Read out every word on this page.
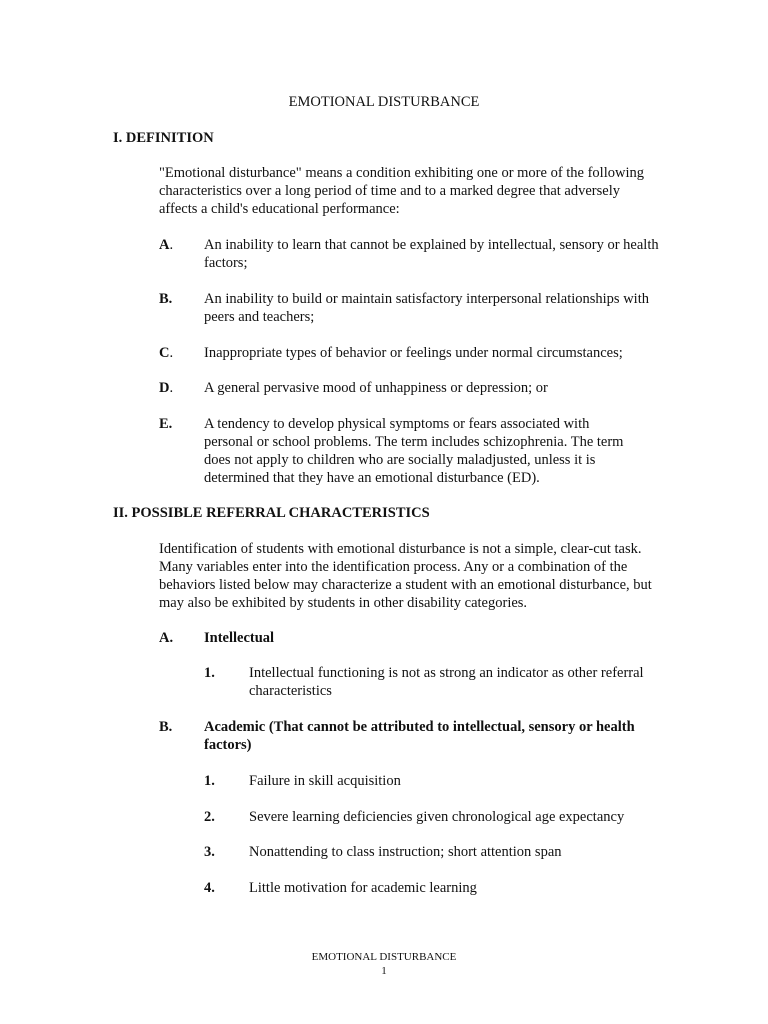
EMOTIONAL DISTURBANCE
I. DEFINITION
"Emotional disturbance" means a condition exhibiting one or more of the following characteristics over a long period of time and to a marked degree that adversely affects a child's educational performance:
A. An inability to learn that cannot be explained by intellectual, sensory or health factors;
B. An inability to build or maintain satisfactory interpersonal relationships with peers and teachers;
C. Inappropriate types of behavior or feelings under normal circumstances;
D. A general pervasive mood of unhappiness or depression; or
E. A tendency to develop physical symptoms or fears associated with personal or school problems. The term includes schizophrenia. The term does not apply to children who are socially maladjusted, unless it is determined that they have an emotional disturbance (ED).
II. POSSIBLE REFERRAL CHARACTERISTICS
Identification of students with emotional disturbance is not a simple, clear-cut task. Many variables enter into the identification process. Any or a combination of the behaviors listed below may characterize a student with an emotional disturbance, but may also be exhibited by students in other disability categories.
A. Intellectual
1. Intellectual functioning is not as strong an indicator as other referral characteristics
B. Academic (That cannot be attributed to intellectual, sensory or health factors)
1. Failure in skill acquisition
2. Severe learning deficiencies given chronological age expectancy
3. Nonattending to class instruction; short attention span
4. Little motivation for academic learning
EMOTIONAL DISTURBANCE
1
